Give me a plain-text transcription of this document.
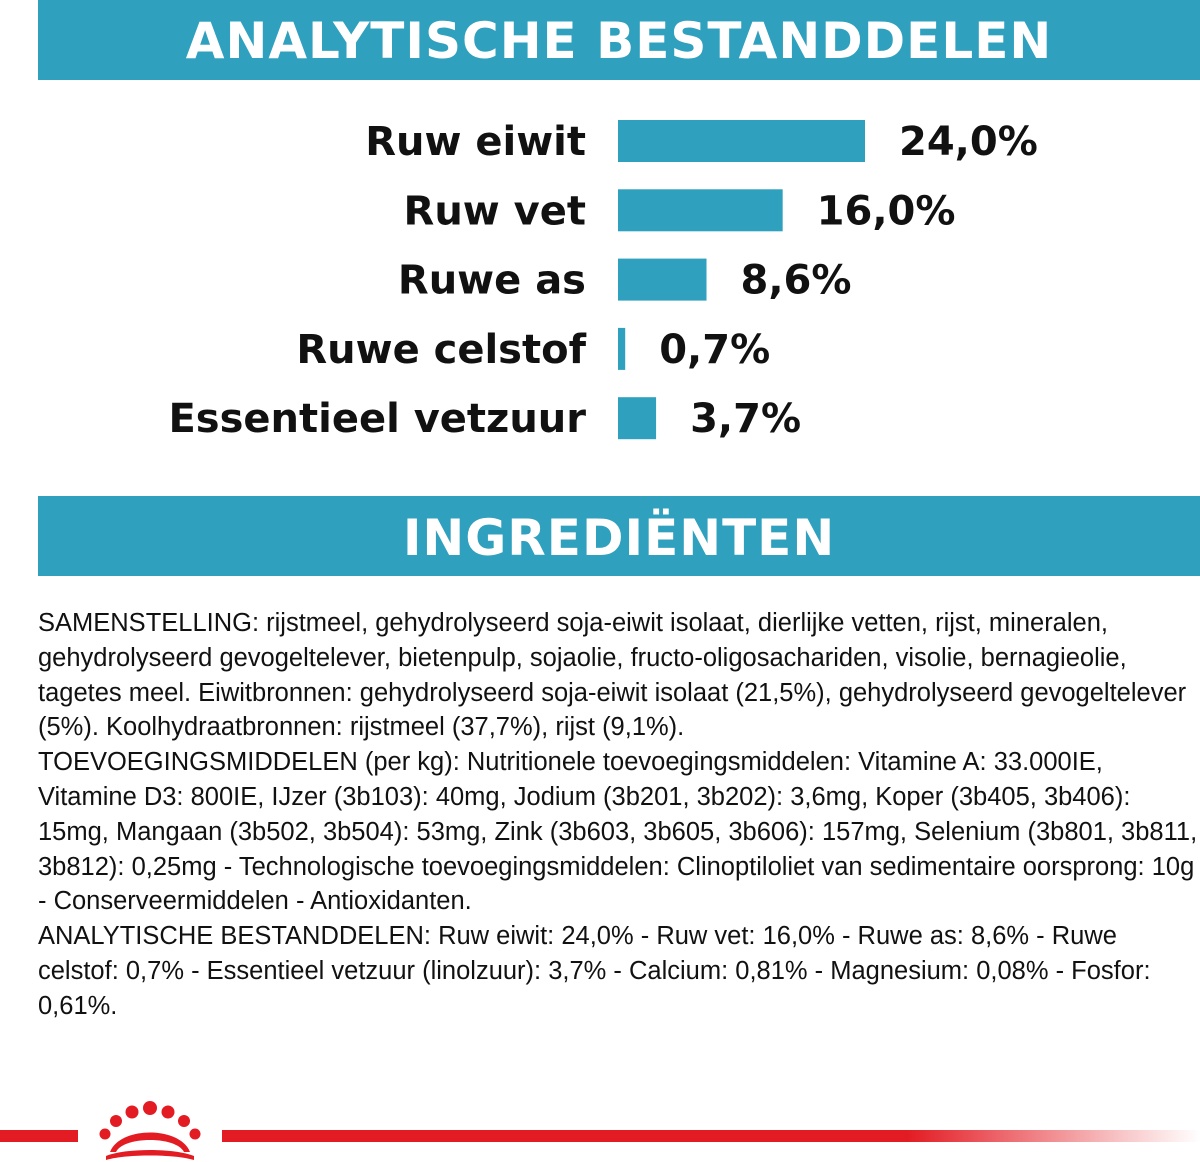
ANALYTISCHE BESTANDDELEN
Ruw eiwit	24,0%
Ruw vet	16,0%
Ruwe as	8,6%
Ruwe celstof 0,7%
Essentieel vetzuur	3,7%
INGREDIËNTEN

SAMENSTELLING: rijstmeel, gehydrolyseerd soja-eiwit isolaat, dierlijke vetten, rijst, mineralen, gehydrolyseerd gevogeltelever, bietenpulp, sojaolie, fructo-oligosachariden, visolie, bernagieolie, tagetes meel. Eiwitbronnen: gehydrolyseerd soja-eiwit isolaat (21,5%), gehydrolyseerd gevogeltelever (5%). Koolhydraatbronnen: rijstmeel (37,7%), rijst (9,1%).

TOEVOEGINGSMIDDELEN (per kg): Nutritionele toevoegingsmiddelen: Vitamine A: 33.000IE, Vitamine D3: 800IE, IJzer (3b103): 40mg, Jodium (3b201, 3b202): 3,6mg, Koper (3b405, 3b406): 15mg, Mangaan (3b502, 3b504): 53mg, Zink (3b603, 3b605, 3b606): 157mg, Selenium (3b801, 3b811, 3b812): 0,25mg - Technologische toevoegingsmiddelen: Clinoptiloliet van sedimentaire oorsprong: 10g - Conserveermiddelen - Antioxidanten.

ANALYTISCHE BESTANDDELEN: Ruw eiwit: 24,0% - Ruw vet: 16,0% - Ruwe as: 8,6% - Ruwe celstof: 0,7% - Essentieel vetzuur (linolzuur): 3,7% - Calcium: 0,81% - Magnesium: 0,08% - Fosfor: 0,61%.
